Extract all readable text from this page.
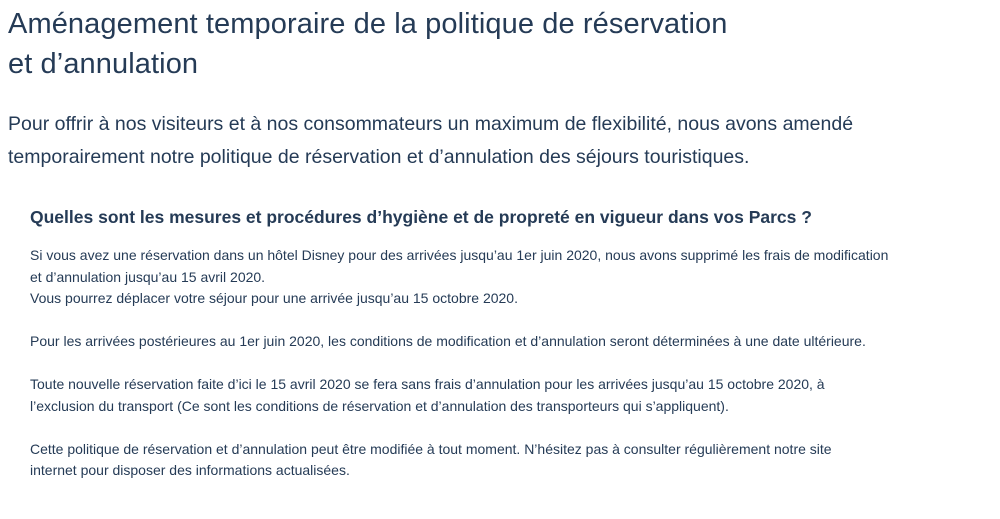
Aménagement temporaire de la politique de réservation
et d’annulation

Pour offrir à nos visiteurs et à nos consommateurs un maximum de flexibilité, nous avons amendé
temporairement notre politique de réservation et d’annulation des séjours touristiques.

Quelles sont les mesures et procédures d’hygiène et de propreté en vigueur dans vos Parcs ?

Si vous avez une réservation dans un hôtel Disney pour des arrivées jusqu’au 1er juin 2020, nous avons supprimé les frais de modification
et d’annulation jusqu’au 15 avril 2020.
Vous pourrez déplacer votre séjour pour une arrivée jusqu’au 15 octobre 2020.

Pour les arrivées postérieures au 1er juin 2020, les conditions de modification et d’annulation seront déterminées à une date ultérieure.

Toute nouvelle réservation faite d’ici le 15 avril 2020 se fera sans frais d’annulation pour les arrivées jusqu’au 15 octobre 2020, à
l’exclusion du transport (Ce sont les conditions de réservation et d’annulation des transporteurs qui s’appliquent).

Cette politique de réservation et d’annulation peut être modifiée à tout moment. N’hésitez pas à consulter régulièrement notre site
internet pour disposer des informations actualisées.
